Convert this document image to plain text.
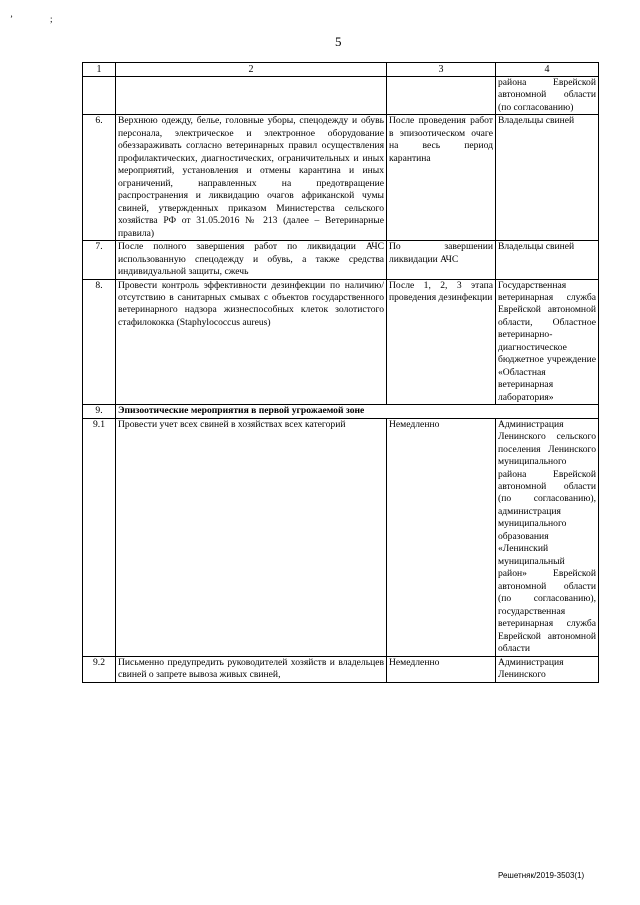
ʼ	;
5
1	2	3	4
			района Еврейской автономной области (по согласованию)
6.	Верхнюю одежду, белье, головные уборы, спецодежду и обувь персонала, электрическое и электронное оборудование обеззараживать согласно ветеринарных правил осуществления профилактических, диагностических, ограничительных и иных мероприятий, установления и отмены карантина и иных ограничений, направленных на предотвращение распространения и ликвидацию очагов африканской чумы свиней, утвержденных приказом Министерства сельского хозяйства РФ от 31.05.2016 № 213 (далее – Ветеринарные правила)	После проведения работ в эпизоотическом очаге на весь период карантина	Владельцы свиней
7.	После полного завершения работ по ликвидации АЧС использованную спецодежду и обувь, а также средства индивидуальной защиты, сжечь	По завершении ликвидации АЧС	Владельцы свиней
8.	Провести контроль эффективности дезинфекции по наличию/отсутствию в санитарных смывах с объектов государственного ветеринарного надзора жизнеспособных клеток золотистого стафилококка (Staphylococcus aureus)	После 1, 2, 3 этапа проведения дезинфекции	Государственная ветеринарная служба Еврейской автономной области, Областное ветеринарно-диагностическое бюджетное учреждение «Областная ветеринарная лаборатория»
9.	Эпизоотические мероприятия в первой угрожаемой зоне		
9.1	Провести учет всех свиней в хозяйствах всех категорий	Немедленно	Администрация Ленинского сельского поселения Ленинского муниципального района Еврейской автономной области (по согласованию), администрация муниципального образования «Ленинский муниципальный район» Еврейской автономной области (по согласованию), государственная ветеринарная служба Еврейской автономной области
9.2	Письменно предупредить руководителей хозяйств и владельцев свиней о запрете вывоза живых свиней,	Немедленно	Администрация Ленинского
Решетняк/2019-3503(1)
